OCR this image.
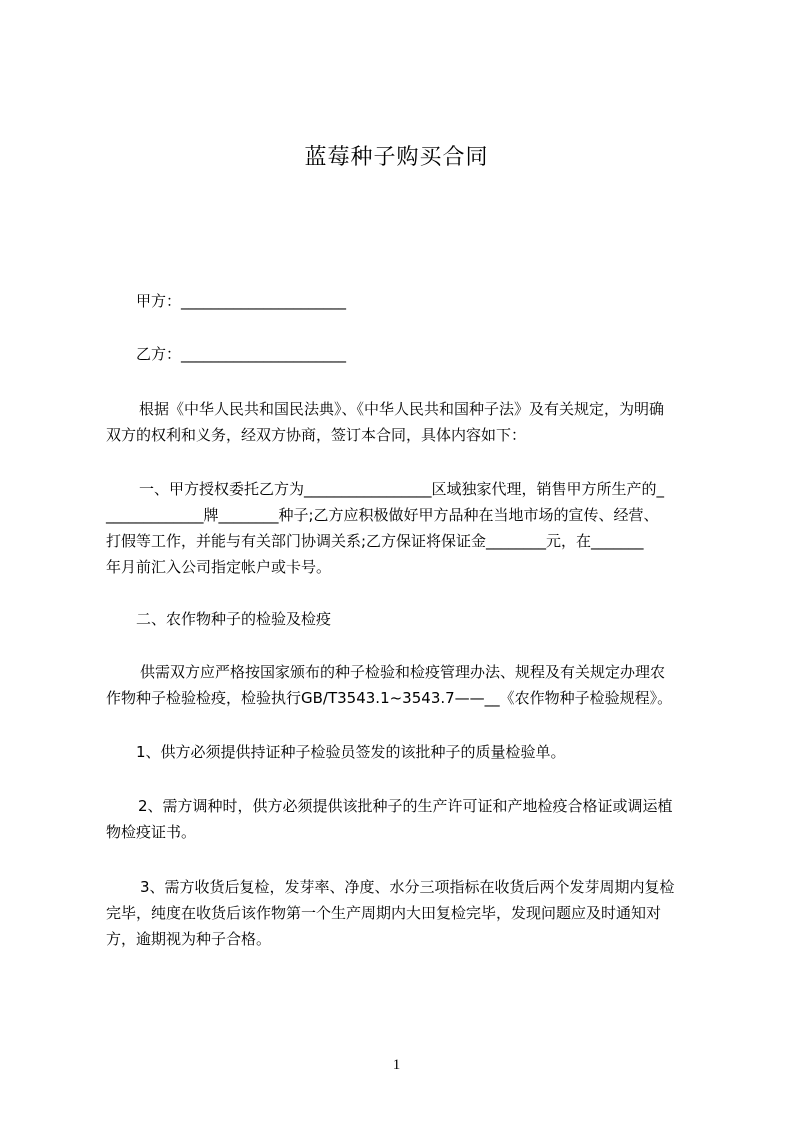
蓝莓种子购买合同
甲方：______________________
乙方：______________________
根据《中华人民共和国民法典》、《中华人民共和国种子法》及有关规定，为明确
双方的权利和义务，经双方协商，签订本合同，具体内容如下：
一、甲方授权委托乙方为_________________区域独家代理，销售甲方所生产的_
_____________牌________种子;乙方应积极做好甲方品种在当地市场的宣传、经营、
打假等工作，并能与有关部门协调关系;乙方保证将保证金________元，在_______
年月前汇入公司指定帐户或卡号。
二、农作物种子的检验及检疫
供需双方应严格按国家颁布的种子检验和检疫管理办法、规程及有关规定办理农
作物种子检验检疫，检验执行GB/T3543.1~3543.7——__《农作物种子检验规程》。
1、供方必须提供持证种子检验员签发的该批种子的质量检验单。
2、需方调种时，供方必须提供该批种子的生产许可证和产地检疫合格证或调运植
物检疫证书。
3、需方收货后复检，发芽率、净度、水分三项指标在收货后两个发芽周期内复检
完毕，纯度在收货后该作物第一个生产周期内大田复检完毕，发现问题应及时通知对
方，逾期视为种子合格。
1
